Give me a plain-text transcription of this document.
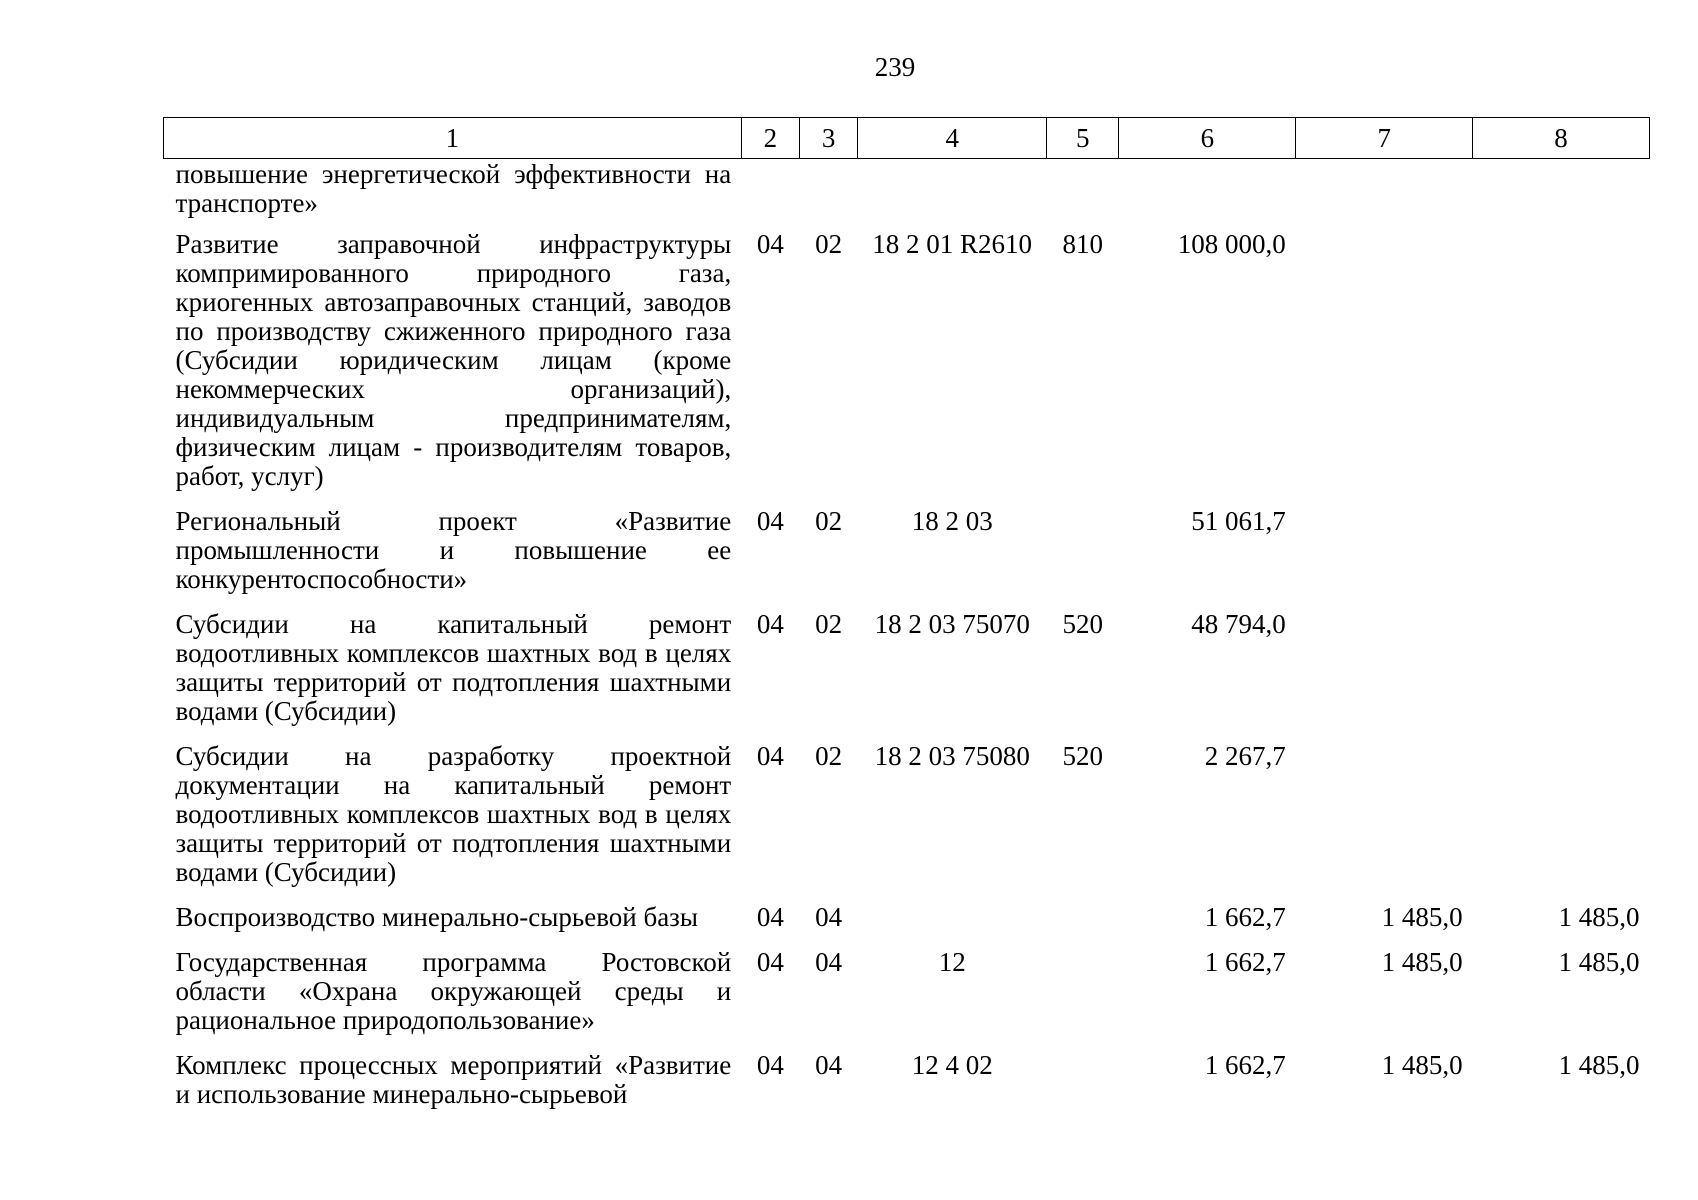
239
1	2	3	4	5	6	7	8
повышение энергетической эффективности на транспорте»							
Развитие заправочной инфраструктуры компримированного природного газа, криогенных автозаправочных станций, заводов по производству сжиженного природного газа (Субсидии юридическим лицам (кроме некоммерческих организаций), индивидуальным предпринимателям, физическим лицам - производителям товаров, работ, услуг)	04	02	18 2 01 R2610	810	108 000,0		
Региональный проект «Развитие промышленности и повышение ее конкурентоспособности»	04	02	18 2 03		51 061,7		
Субсидии на капитальный ремонт водоотливных комплексов шахтных вод в целях защиты территорий от подтопления шахтными водами (Субсидии)	04	02	18 2 03 75070	520	48 794,0		
Субсидии на разработку проектной документации на капитальный ремонт водоотливных комплексов шахтных вод в целях защиты территорий от подтопления шахтными водами (Субсидии)	04	02	18 2 03 75080	520	2 267,7		
Воспроизводство минерально-сырьевой базы	04	04			1 662,7	1 485,0	1 485,0
Государственная программа Ростовской области «Охрана окружающей среды и рациональное природопользование»	04	04	12		1 662,7	1 485,0	1 485,0
Комплекс процессных мероприятий «Развитие и использование минерально-сырьевой	04	04	12 4 02		1 662,7	1 485,0	1 485,0
